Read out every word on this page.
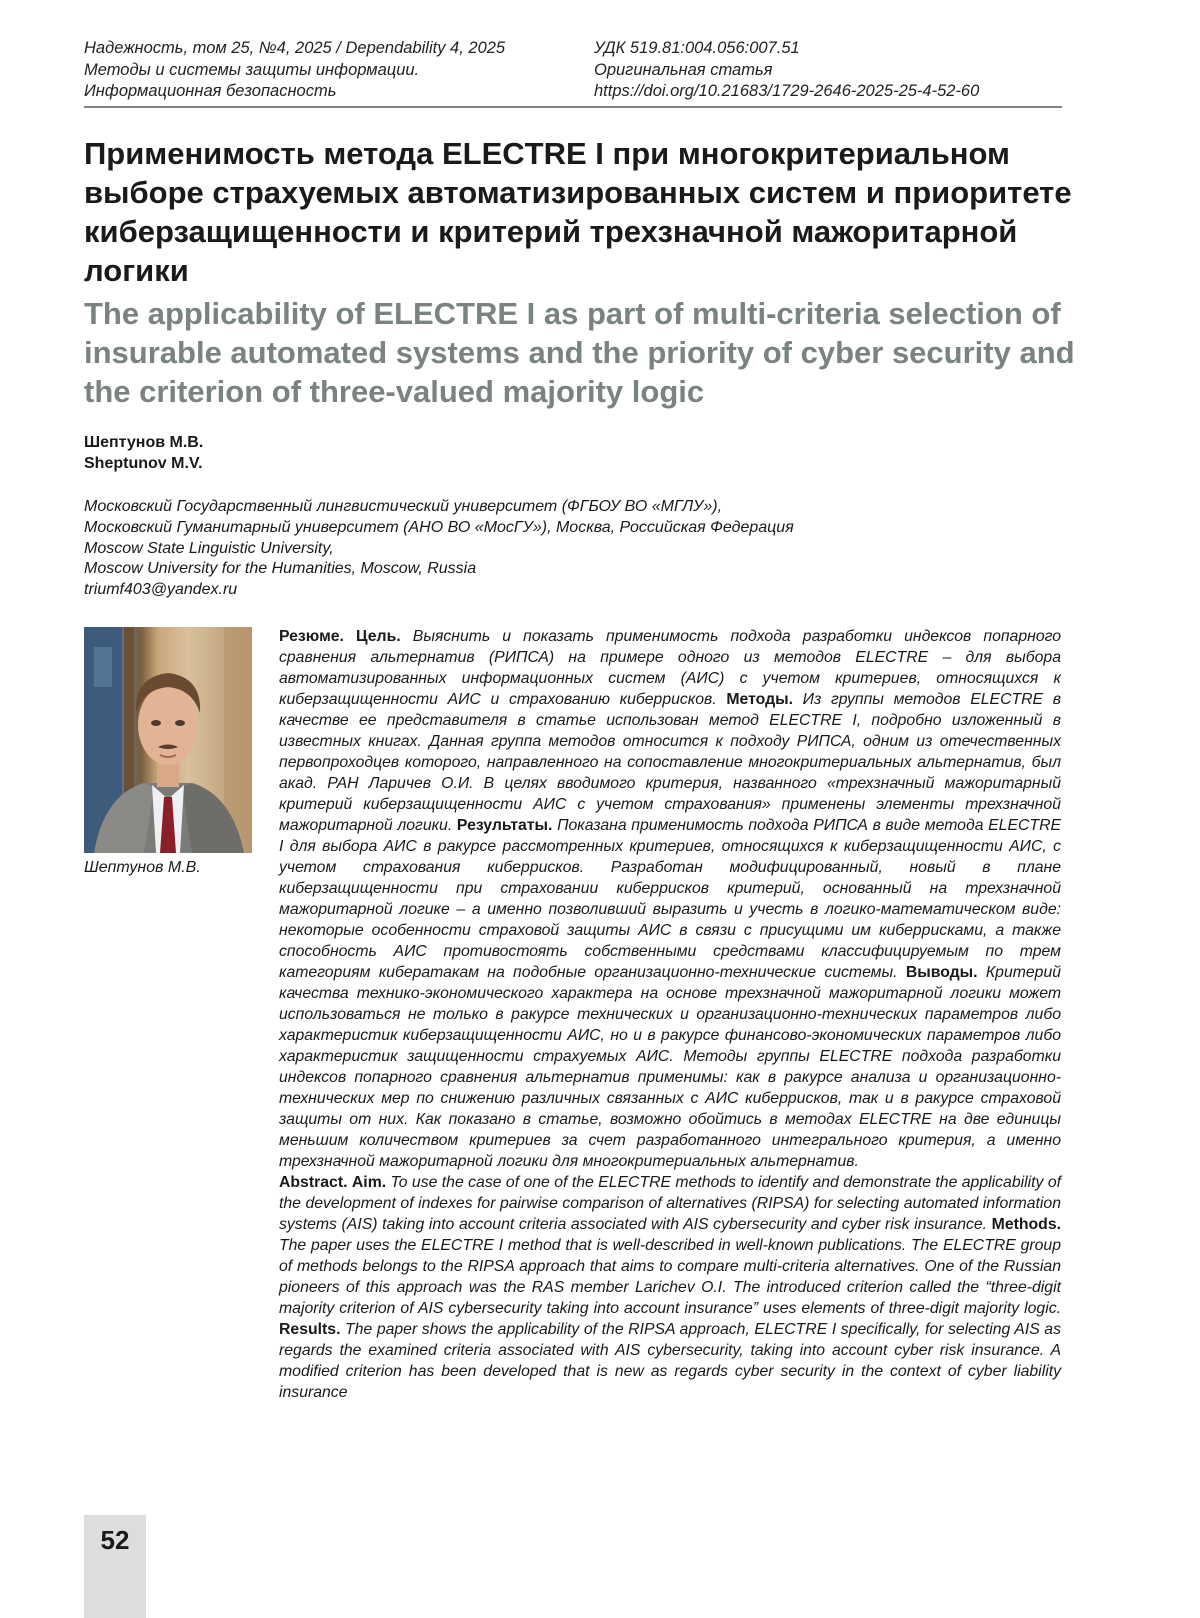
Надежность, том 25, №4, 2025 / Dependability 4, 2025
Методы и системы защиты информации.
Информационная безопасность
УДК 519.81:004.056:007.51
Оригинальная статья
https://doi.org/10.21683/1729-2646-2025-25-4-52-60
Применимость метода ELECTRE I при многокритериальном выборе страхуемых автоматизированных систем и приоритете киберзащищенности и критерий трехзначной мажоритарной логики
The applicability of ELECTRE I as part of multi-criteria selection of insurable automated systems and the priority of cyber security and the criterion of three-valued majority logic
Шептунов М.В.
Sheptunov M.V.
Московский Государственный лингвистический университет (ФГБОУ ВО «МГЛУ»),
Московский Гуманитарный университет (АНО ВО «МосГУ»), Москва, Российская Федерация
Moscow State Linguistic University,
Moscow University for the Humanities, Moscow, Russia
triumf403@yandex.ru
Шептунов М.В.

Резюме. Цель. Выяснить и показать применимость подхода разработки индексов попарного сравнения альтернатив (РИПСА) на примере одного из методов ELECTRE – для выбора автоматизированных информационных систем (АИС) с учетом критериев, относящихся к киберзащищенности АИС и страхованию киберрисков. Методы. Из группы методов ELECTRE в качестве ее представителя в статье использован метод ELECTRE I, подробно изложенный в известных книгах. Данная группа методов относится к подходу РИПСА, одним из отечественных первопроходцев которого, направленного на сопоставление многокритериальных альтернатив, был акад. РАН Ларичев О.И. В целях вводимого критерия, названного «трехзначный мажоритарный критерий киберзащищенности АИС с учетом страхования» применены элементы трехзначной мажоритарной логики. Результаты. Показана применимость подхода РИПСА в виде метода ELECTRE I для выбора АИС в ракурсе рассмотренных критериев, относящихся к киберзащищенности АИС, с учетом страхования киберрисков. Разработан модифицированный, новый в плане киберзащищенности при страховании киберрисков критерий, основанный на трехзначной мажоритарной логике – а именно позволивший выразить и учесть в логико-математическом виде: некоторые особенности страховой защиты АИС в связи с присущими им киберрисками, а также способность АИС противостоять собственными средствами классифицируемым по трем категориям кибератакам на подобные организационно-технические системы. Выводы. Критерий качества технико-экономического характера на основе трехзначной мажоритарной логики может использоваться не только в ракурсе технических и организационно-технических параметров либо характеристик киберзащищенности АИС, но и в ракурсе финансово-экономических параметров либо характеристик защищенности страхуемых АИС. Методы группы ELECTRE подхода разработки индексов попарного сравнения альтернатив применимы: как в ракурсе анализа и организационно-технических мер по снижению различных связанных с АИС киберрисков, так и в ракурсе страховой защиты от них. Как показано в статье, возможно обойтись в методах ELECTRE на две единицы меньшим количеством критериев за счет разработанного интегрального критерия, а именно трехзначной мажоритарной логики для многокритериальных альтернатив.
Abstract. Aim. To use the case of one of the ELECTRE methods to identify and demonstrate the applicability of the development of indexes for pairwise comparison of alternatives (RIPSA) for selecting automated information systems (AIS) taking into account criteria associated with AIS cybersecurity and cyber risk insurance. Methods. The paper uses the ELECTRE I method that is well-described in well-known publications. The ELECTRE group of methods belongs to the RIPSA approach that aims to compare multi-criteria alternatives. One of the Russian pioneers of this approach was the RAS member Larichev O.I. The introduced criterion called the “three-digit majority criterion of AIS cybersecurity taking into account insurance” uses elements of three-digit majority logic. Results. The paper shows the applicability of the RIPSA approach, ELECTRE I specifically, for selecting AIS as regards the examined criteria associated with AIS cybersecurity, taking into account cyber risk insurance. A modified criterion has been developed that is new as regards cyber security in the context of cyber liability insurance

52
